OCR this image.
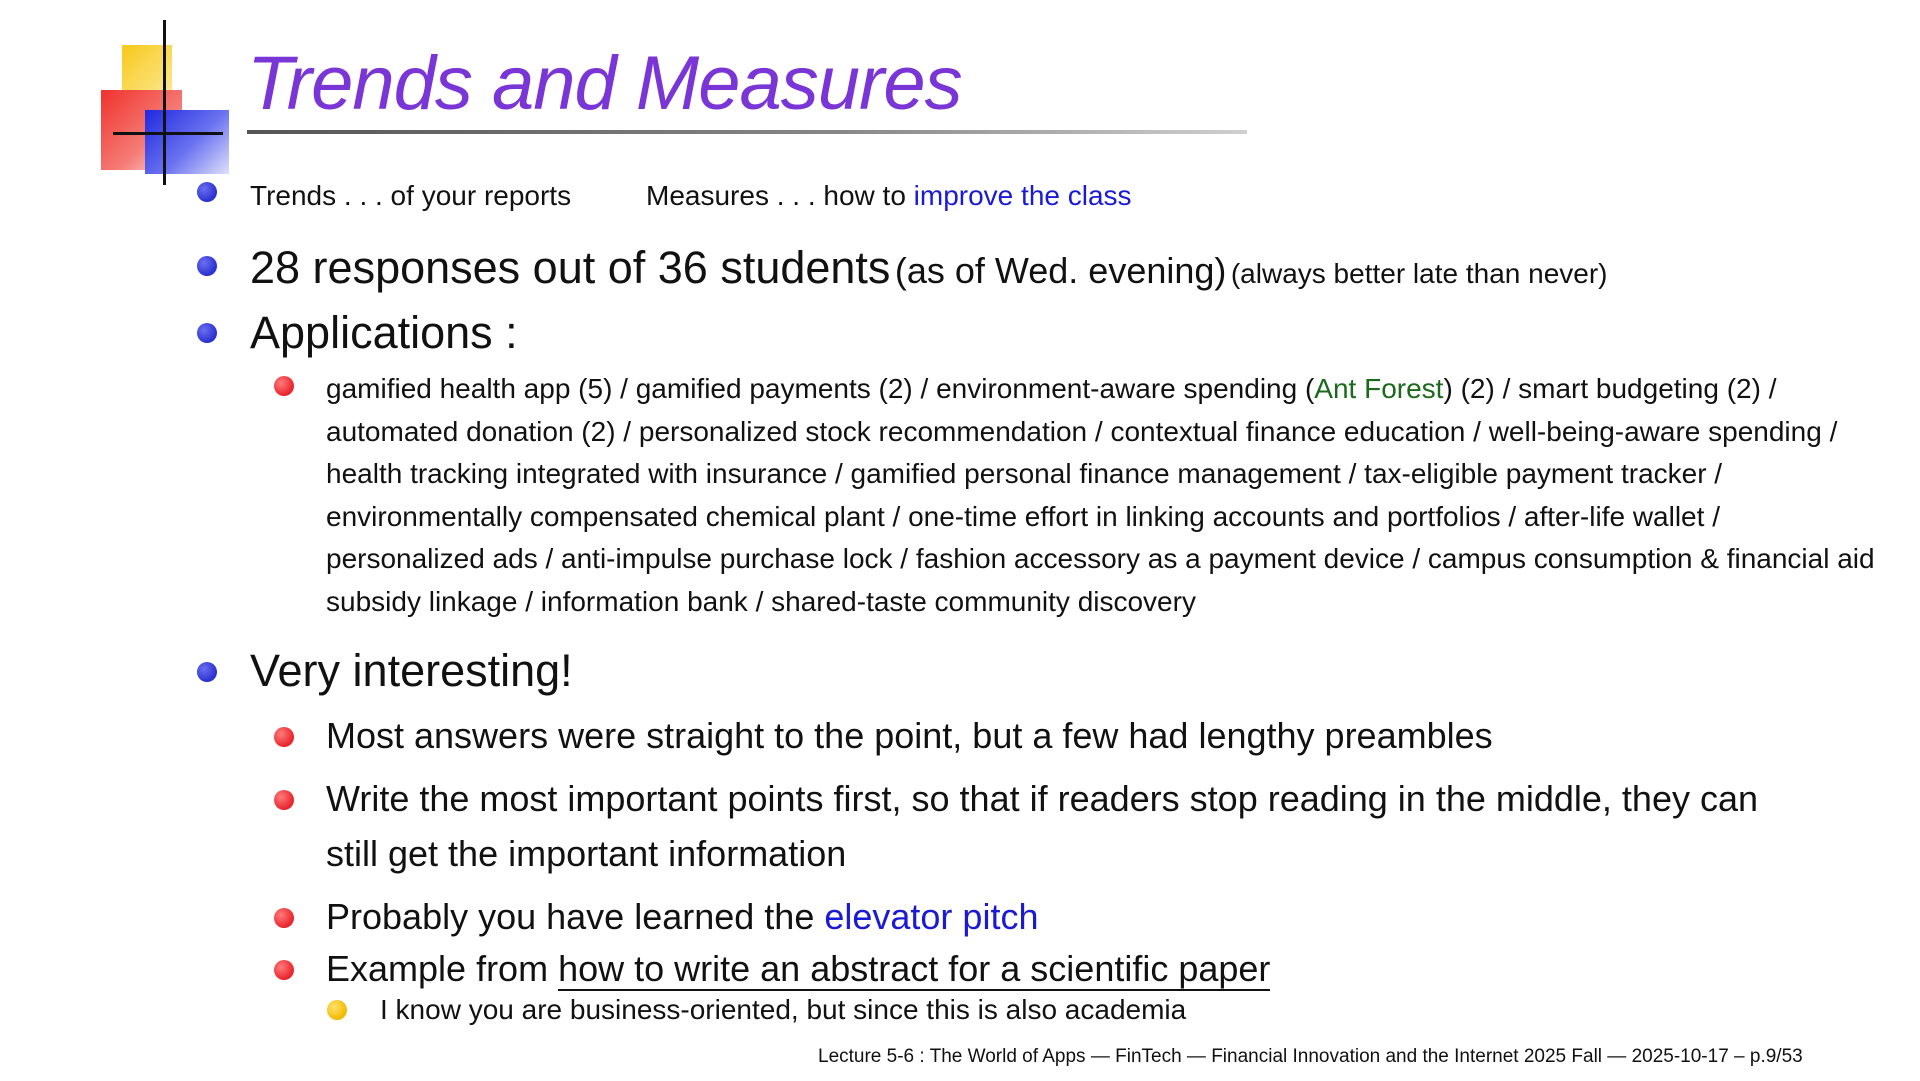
Trends and Measures
Trends . . . of your reports	Measures . . . how to improve the class
28 responses out of 36 students (as of Wed. evening) (always better late than never)
Applications :
gamified health app (5) / gamified payments (2) / environment-aware spending (Ant Forest) (2) / smart budgeting (2) / automated donation (2) / personalized stock recommendation / contextual finance education / well-being-aware spending / health tracking integrated with insurance / gamified personal finance management / tax-eligible payment tracker / environmentally compensated chemical plant / one-time effort in linking accounts and portfolios / after-life wallet / personalized ads / anti-impulse purchase lock / fashion accessory as a payment device / campus consumption & financial aid subsidy linkage / information bank / shared-taste community discovery
Very interesting!
Most answers were straight to the point, but a few had lengthy preambles
Write the most important points first, so that if readers stop reading in the middle, they can
still get the important information
Probably you have learned the elevator pitch
Example from how to write an abstract for a scientific paper
I know you are business-oriented, but since this is also academia
Lecture 5-6 : The World of Apps — FinTech — Financial Innovation and the Internet 2025 Fall — 2025-10-17 – p.9/53
